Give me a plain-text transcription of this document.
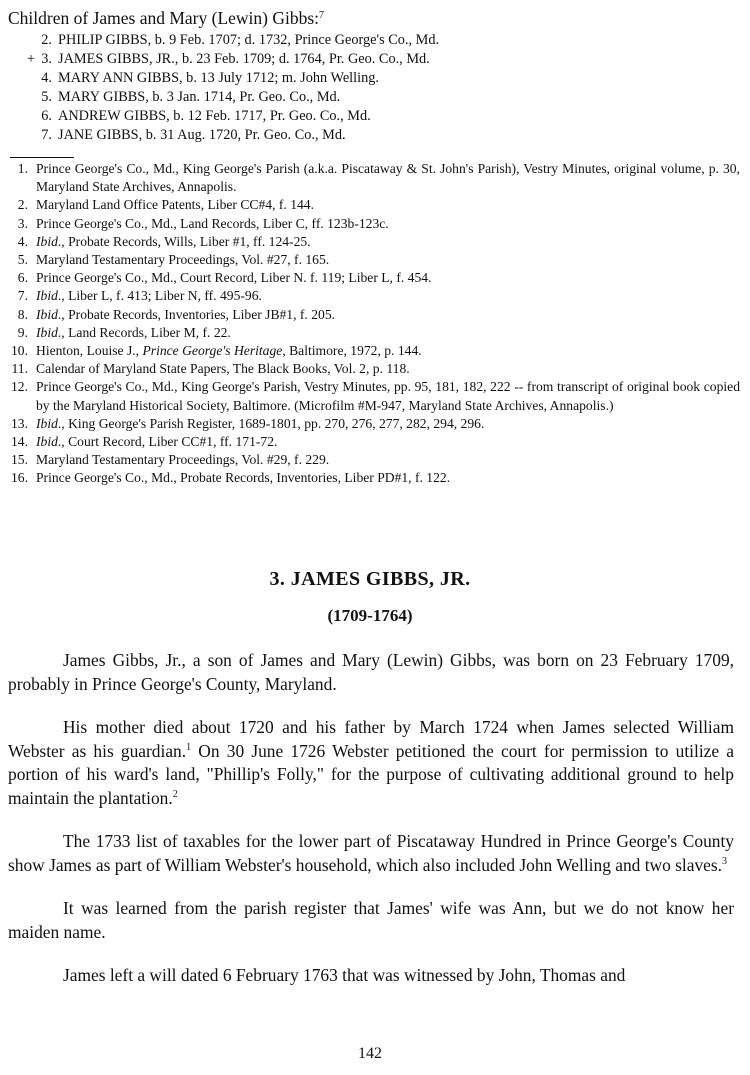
Children of James and Mary (Lewin) Gibbs:$^7$
2. PHILIP GIBBS, b. 9 Feb. 1707; d. 1732, Prince George's Co., Md.
+ 3. JAMES GIBBS, JR., b. 23 Feb. 1709; d. 1764, Pr. Geo. Co., Md.
4. MARY ANN GIBBS, b. 13 July 1712; m. John Welling.
5. MARY GIBBS, b. 3 Jan. 1714, Pr. Geo. Co., Md.
6. ANDREW GIBBS, b. 12 Feb. 1717, Pr. Geo. Co., Md.
7. JANE GIBBS, b. 31 Aug. 1720, Pr. Geo. Co., Md.
1. Prince George's Co., Md., King George's Parish (a.k.a. Piscataway & St. John's Parish), Vestry Minutes, original volume, p. 30, Maryland State Archives, Annapolis.
2. Maryland Land Office Patents, Liber CC#4, f. 144.
3. Prince George's Co., Md., Land Records, Liber C, ff. 123b-123c.
4. Ibid., Probate Records, Wills, Liber #1, ff. 124-25.
5. Maryland Testamentary Proceedings, Vol. #27, f. 165.
6. Prince George's Co., Md., Court Record, Liber N. f. 119; Liber L, f. 454.
7. Ibid., Liber L, f. 413; Liber N, ff. 495-96.
8. Ibid., Probate Records, Inventories, Liber JB#1, f. 205.
9. Ibid., Land Records, Liber M, f. 22.
10. Hienton, Louise J., Prince George's Heritage, Baltimore, 1972, p. 144.
11. Calendar of Maryland State Papers, The Black Books, Vol. 2, p. 118.
12. Prince George's Co., Md., King George's Parish, Vestry Minutes, pp. 95, 181, 182, 222 -- from transcript of original book copied by the Maryland Historical Society, Baltimore. (Microfilm #M-947, Maryland State Archives, Annapolis.)
13. Ibid., King George's Parish Register, 1689-1801, pp. 270, 276, 277, 282, 294, 296.
14. Ibid., Court Record, Liber CC#1, ff. 171-72.
15. Maryland Testamentary Proceedings, Vol. #29, f. 229.
16. Prince George's Co., Md., Probate Records, Inventories, Liber PD#1, f. 122.
3. JAMES GIBBS, JR.
(1709-1764)

James Gibbs, Jr., a son of James and Mary (Lewin) Gibbs, was born on 23 February 1709, probably in Prince George's County, Maryland.

His mother died about 1720 and his father by March 1724 when James selected William Webster as his guardian.$^1$ On 30 June 1726 Webster petitioned the court for permission to utilize a portion of his ward's land, "Phillip's Folly," for the purpose of cultivating additional ground to help maintain the plantation.$^2$

The 1733 list of taxables for the lower part of Piscataway Hundred in Prince George's County show James as part of William Webster's household, which also included John Welling and two slaves.$^3$

It was learned from the parish register that James' wife was Ann, but we do not know her maiden name.

James left a will dated 6 February 1763 that was witnessed by John, Thomas and

142
